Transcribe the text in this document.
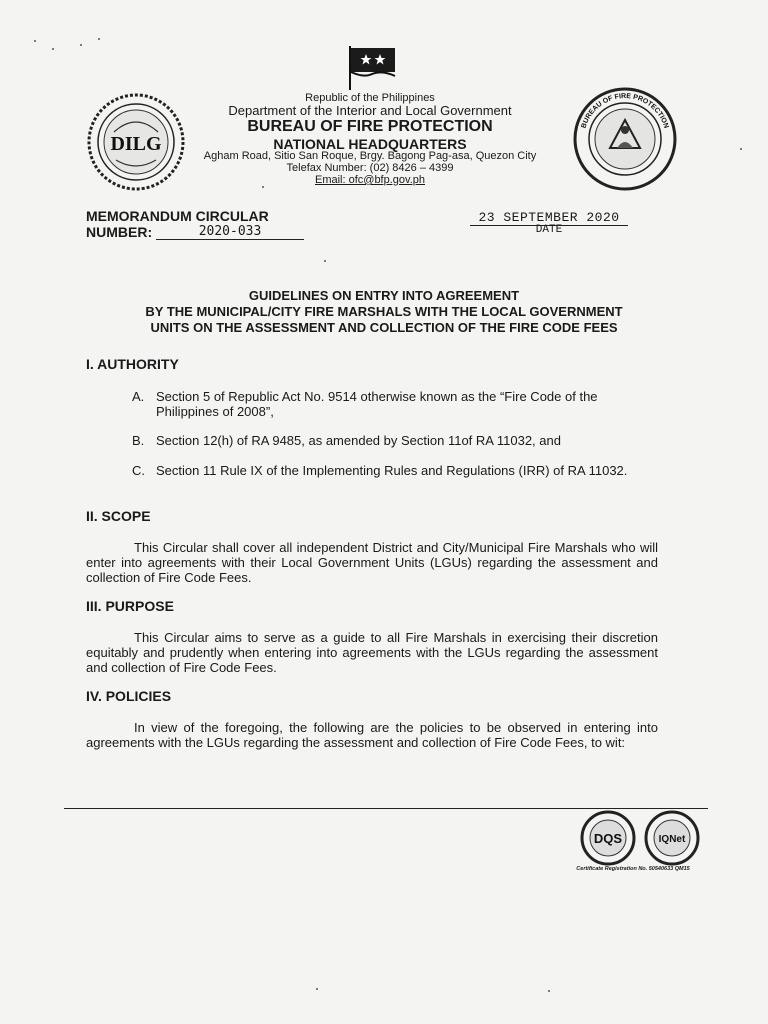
DILG
BUREAU OF FIRE PROTECTION
Republic of the Philippines
Department of the Interior and Local Government
BUREAU OF FIRE PROTECTION
NATIONAL HEADQUARTERS
Agham Road, Sitio San Roque, Brgy. Bagong Pag-asa, Quezon City
Telefax Number: (02) 8426 – 4399
Email: ofc@bfp.gov.ph
MEMORANDUM CIRCULAR
NUMBER:	2020-033
23 SEPTEMBER 2020
DATE
GUIDELINES ON ENTRY INTO AGREEMENT
BY THE MUNICIPAL/CITY FIRE MARSHALS WITH THE LOCAL GOVERNMENT
UNITS ON THE ASSESSMENT AND COLLECTION OF THE FIRE CODE FEES
I. AUTHORITY
A. Section 5 of Republic Act No. 9514 otherwise known as the “Fire Code of the Philippines of 2008”,
B. Section 12(h) of RA 9485, as amended by Section 11of RA 11032, and
C. Section 11 Rule IX of the Implementing Rules and Regulations (IRR) of RA 11032.
II. SCOPE
This Circular shall cover all independent District and City/Municipal Fire Marshals who will enter into agreements with their Local Government Units (LGUs) regarding the assessment and collection of Fire Code Fees.
III. PURPOSE
This Circular aims to serve as a guide to all Fire Marshals in exercising their discretion equitably and prudently when entering into agreements with the LGUs regarding the assessment and collection of Fire Code Fees.
IV. POLICIES
In view of the foregoing, the following are the policies to be observed in entering into agreements with the LGUs regarding the assessment and collection of Fire Code Fees, to wit:
DQS	IQNet
Certificate Registration No. 50540633 QM15
